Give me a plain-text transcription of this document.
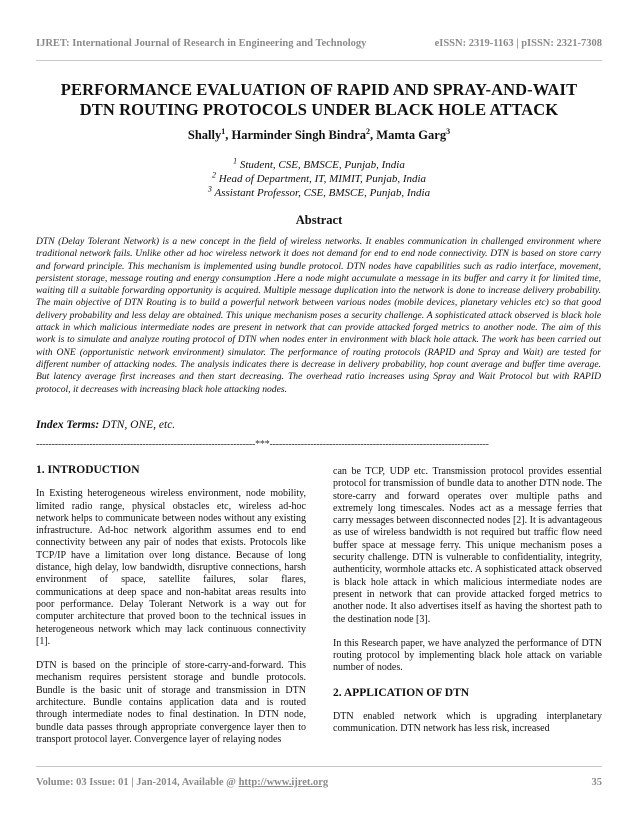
IJRET: International Journal of Research in Engineering and Technology	eISSN: 2319-1163 | pISSN: 2321-7308
PERFORMANCE EVALUATION OF RAPID AND SPRAY-AND-WAIT
DTN ROUTING PROTOCOLS UNDER BLACK HOLE ATTACK
Shally$^1$, Harminder Singh Bindra$^2$, Mamta Garg$^3$
$^1$ Student, CSE, BMSCE, Punjab, India
$^2$ Head of Department, IT, MIMIT, Punjab, India
$^3$ Assistant Professor, CSE, BMSCE, Punjab, India
Abstract
DTN (Delay Tolerant Network) is a new concept in the field of wireless networks. It enables communication in challenged environment where traditional network fails. Unlike other ad hoc wireless network it does not demand for end to end node connectivity. DTN is based on store carry and forward principle. This mechanism is implemented using bundle protocol. DTN nodes have capabilities such as radio interface, movement, persistent storage, message routing and energy consumption .Here a node might accumulate a message in its buffer and carry it for limited time, waiting till a suitable forwarding opportunity is acquired. Multiple message duplication into the network is done to increase delivery probability. The main objective of DTN Routing is to build a powerful network between various nodes (mobile devices, planetary vehicles etc) so that good delivery probability and less delay are obtained. This unique mechanism poses a security challenge. A sophisticated attack observed is black hole attack in which malicious intermediate nodes are present in network that can provide attacked forged metrics to another node. The aim of this work is to simulate and analyze routing protocol of DTN when nodes enter in environment with black hole attack. The work has been carried out with ONE (opportunistic network environment) simulator. The performance of routing protocols (RAPID and Spray and Wait) are tested for different number of attacking nodes. The analysis indicates there is decrease in delivery probability, hop count average and buffer time average. But latency average first increases and then start decreasing. The overhead ratio increases using Spray and Wait Protocol but with RAPID protocol, it decreases with increasing black hole attacking nodes.
Index Terms: DTN, ONE, etc.
----------------------------------------------------------------------***----------------------------------------------------------------------
1. INTRODUCTION

In Existing heterogeneous wireless environment, node mobility, limited radio range, physical obstacles etc, wireless ad-hoc network helps to communicate between nodes without any existing infrastructure. Ad-hoc network algorithm assumes end to end connectivity between any pair of nodes that exists. Protocols like TCP/IP have a limitation over long distance. Because of long distance, high delay, low bandwidth, disruptive connections, harsh environment of space, satellite failures, solar flares, communications at deep space and non-habitat areas results into poor performance. Delay Tolerant Network is a way out for computer architecture that proved boon to the technical issues in heterogeneous network which may lack continuous connectivity [1].

DTN is based on the principle of store-carry-and-forward. This mechanism requires persistent storage and bundle protocols. Bundle is the basic unit of storage and transmission in DTN architecture. Bundle contains application data and is routed through intermediate nodes to final destination. In DTN node, bundle data passes through appropriate convergence layer then to transport protocol layer. Convergence layer of relaying nodes

can be TCP, UDP etc. Transmission protocol provides essential protocol for transmission of bundle data to another DTN node. The store-carry and forward operates over multiple paths and extremely long timescales. Nodes act as a message ferries that carry messages between disconnected nodes [2]. It is advantageous as use of wireless bandwidth is not required but traffic flow need buffer space at message ferry. This unique mechanism poses a security challenge. DTN is vulnerable to confidentiality, integrity, authenticity, wormhole attacks etc. A sophisticated attack observed is black hole attack in which malicious intermediate nodes are present in network that can provide attacked forged metrics to another node. It also advertises itself as having the shortest path to the destination node [3].

In this Research paper, we have analyzed the performance of DTN routing protocol by implementing black hole attack on variable number of nodes.

2. APPLICATION OF DTN

DTN enabled network which is upgrading interplanetary communication. DTN network has less risk, increased

Volume: 03 Issue: 01 | Jan-2014, Available @ http://www.ijret.org	35
